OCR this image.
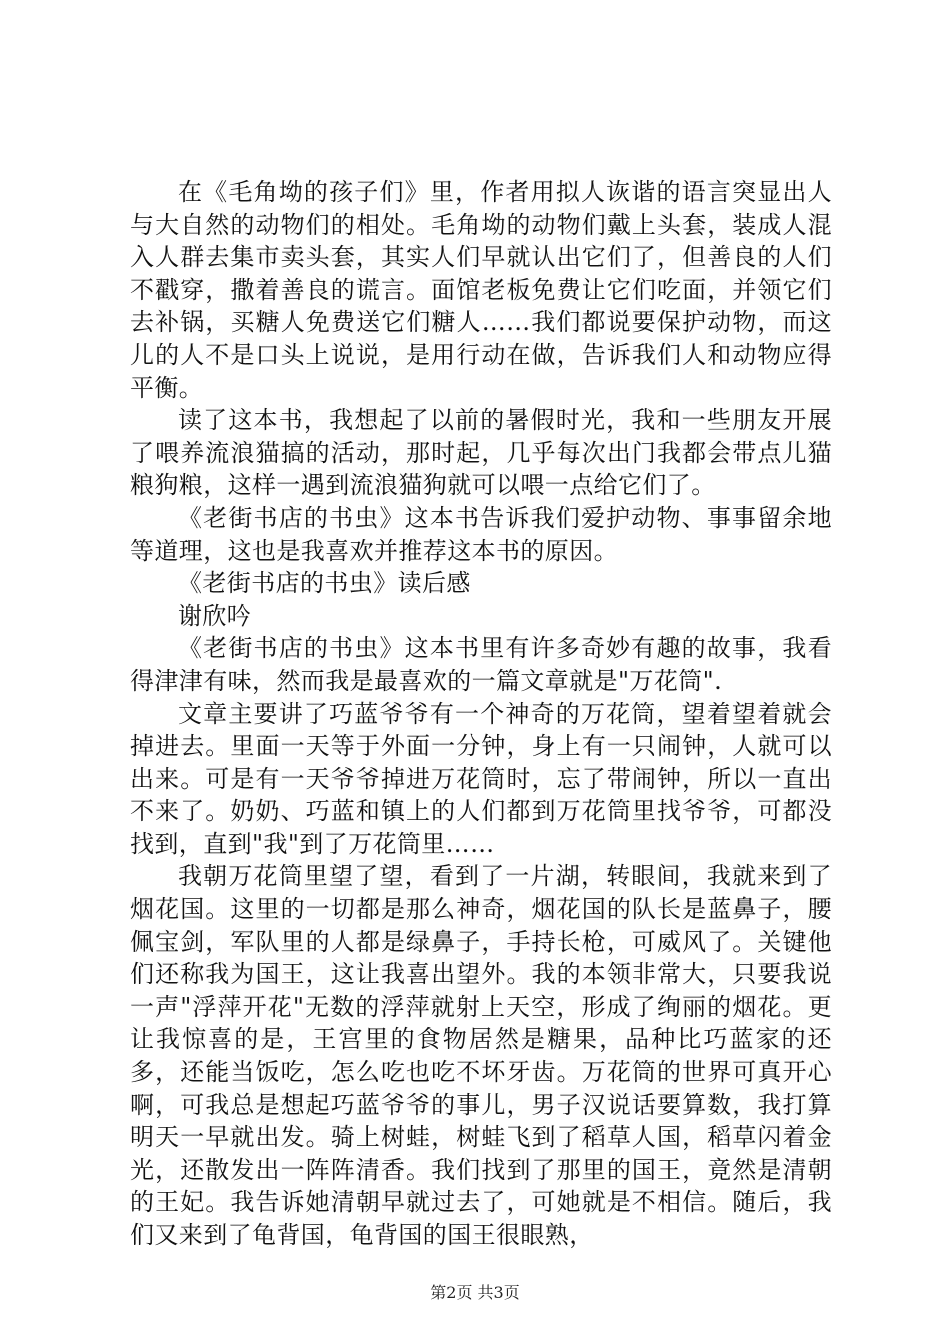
在《毛角坳的孩子们》里，作者用拟人诙谐的语言突显出人与大自然的动物们的相处。毛角坳的动物们戴上头套，装成人混入人群去集市卖头套，其实人们早就认出它们了，但善良的人们不戳穿，撒着善良的谎言。面馆老板免费让它们吃面，并领它们去补锅，买糖人免费送它们糖人……我们都说要保护动物，而这儿的人不是口头上说说，是用行动在做，告诉我们人和动物应得平衡。

读了这本书，我想起了以前的暑假时光，我和一些朋友开展了喂养流浪猫搞的活动，那时起，几乎每次出门我都会带点儿猫粮狗粮，这样一遇到流浪猫狗就可以喂一点给它们了。

《老街书店的书虫》这本书告诉我们爱护动物、事事留余地等道理，这也是我喜欢并推荐这本书的原因。

《老街书店的书虫》读后感

谢欣吟

《老街书店的书虫》这本书里有许多奇妙有趣的故事，我看得津津有味，然而我是最喜欢的一篇文章就是"万花筒".

文章主要讲了巧蓝爷爷有一个神奇的万花筒，望着望着就会掉进去。里面一天等于外面一分钟，身上有一只闹钟，人就可以出来。可是有一天爷爷掉进万花筒时，忘了带闹钟，所以一直出不来了。奶奶、巧蓝和镇上的人们都到万花筒里找爷爷，可都没找到，直到"我"到了万花筒里……

我朝万花筒里望了望，看到了一片湖，转眼间，我就来到了烟花国。这里的一切都是那么神奇，烟花国的队长是蓝鼻子，腰佩宝剑，军队里的人都是绿鼻子，手持长枪，可威风了。关键他们还称我为国王，这让我喜出望外。我的本领非常大，只要我说一声"浮萍开花"无数的浮萍就射上天空，形成了绚丽的烟花。更让我惊喜的是，王宫里的食物居然是糖果，品种比巧蓝家的还多，还能当饭吃，怎么吃也吃不坏牙齿。万花筒的世界可真开心啊，可我总是想起巧蓝爷爷的事儿，男子汉说话要算数，我打算明天一早就出发。骑上树蛙，树蛙飞到了稻草人国，稻草闪着金光，还散发出一阵阵清香。我们找到了那里的国王，竟然是清朝的王妃。我告诉她清朝早就过去了，可她就是不相信。随后，我们又来到了龟背国，龟背国的国王很眼熟，

第2页 共3页
